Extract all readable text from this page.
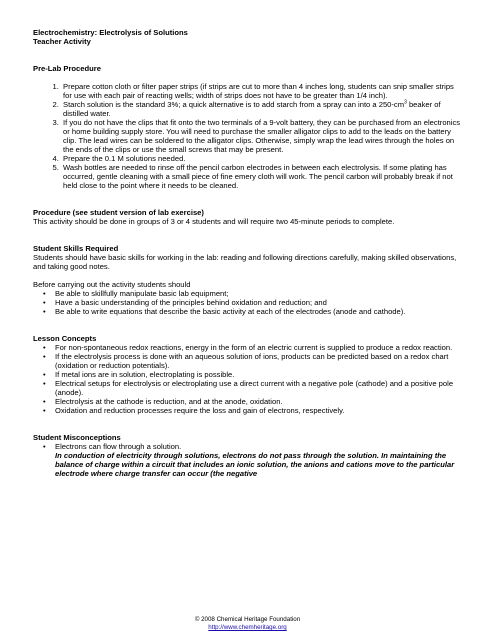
Electrochemistry: Electrolysis of Solutions
Teacher Activity
Pre-Lab Procedure
1. Prepare cotton cloth or filter paper strips (if strips are cut to more than 4 inches long, students can snip smaller strips for use with each pair of reacting wells; width of strips does not have to be greater than 1/4 inch).
2. Starch solution is the standard 3%; a quick alternative is to add starch from a spray can into a $250-cm^3$ beaker of distilled water.
3. If you do not have the clips that fit onto the two terminals of a 9-volt battery, they can be purchased from an electronics or home building supply store. You will need to purchase the smaller alligator clips to add to the leads on the battery clip. The lead wires can be soldered to the alligator clips. Otherwise, simply wrap the lead wires through the holes on the ends of the clips or use the small screws that may be present.
4. Prepare the 0.1 M solutions needed.
5. Wash bottles are needed to rinse off the pencil carbon electrodes in between each electrolysis. If some plating has occurred, gentle cleaning with a small piece of fine emery cloth will work. The pencil carbon will probably break if not held close to the point where it needs to be cleaned.
Procedure (see student version of lab exercise)
This activity should be done in groups of 3 or 4 students and will require two 45-minute periods to complete.
Student Skills Required
Students should have basic skills for working in the lab: reading and following directions carefully, making skilled observations, and taking good notes.
Before carrying out the activity students should
• Be able to skillfully manipulate basic lab equipment;
• Have a basic understanding of the principles behind oxidation and reduction; and
• Be able to write equations that describe the basic activity at each of the electrodes (anode and cathode).
Lesson Concepts
• For non-spontaneous redox reactions, energy in the form of an electric current is supplied to produce a redox reaction.
• If the electrolysis process is done with an aqueous solution of ions, products can be predicted based on a redox chart (oxidation or reduction potentials).
• If metal ions are in solution, electroplating is possible.
• Electrical setups for electrolysis or electroplating use a direct current with a negative pole (cathode) and a positive pole (anode).
• Electrolysis at the cathode is reduction, and at the anode, oxidation.
• Oxidation and reduction processes require the loss and gain of electrons, respectively.
Student Misconceptions
• Electrons can flow through a solution.
In conduction of electricity through solutions, electrons do not pass through the solution. In maintaining the balance of charge within a circuit that includes an ionic solution, the anions and cations move to the particular electrode where charge transfer can occur (the negative
© 2008 Chemical Heritage Foundation
http://www.chemheritage.org
